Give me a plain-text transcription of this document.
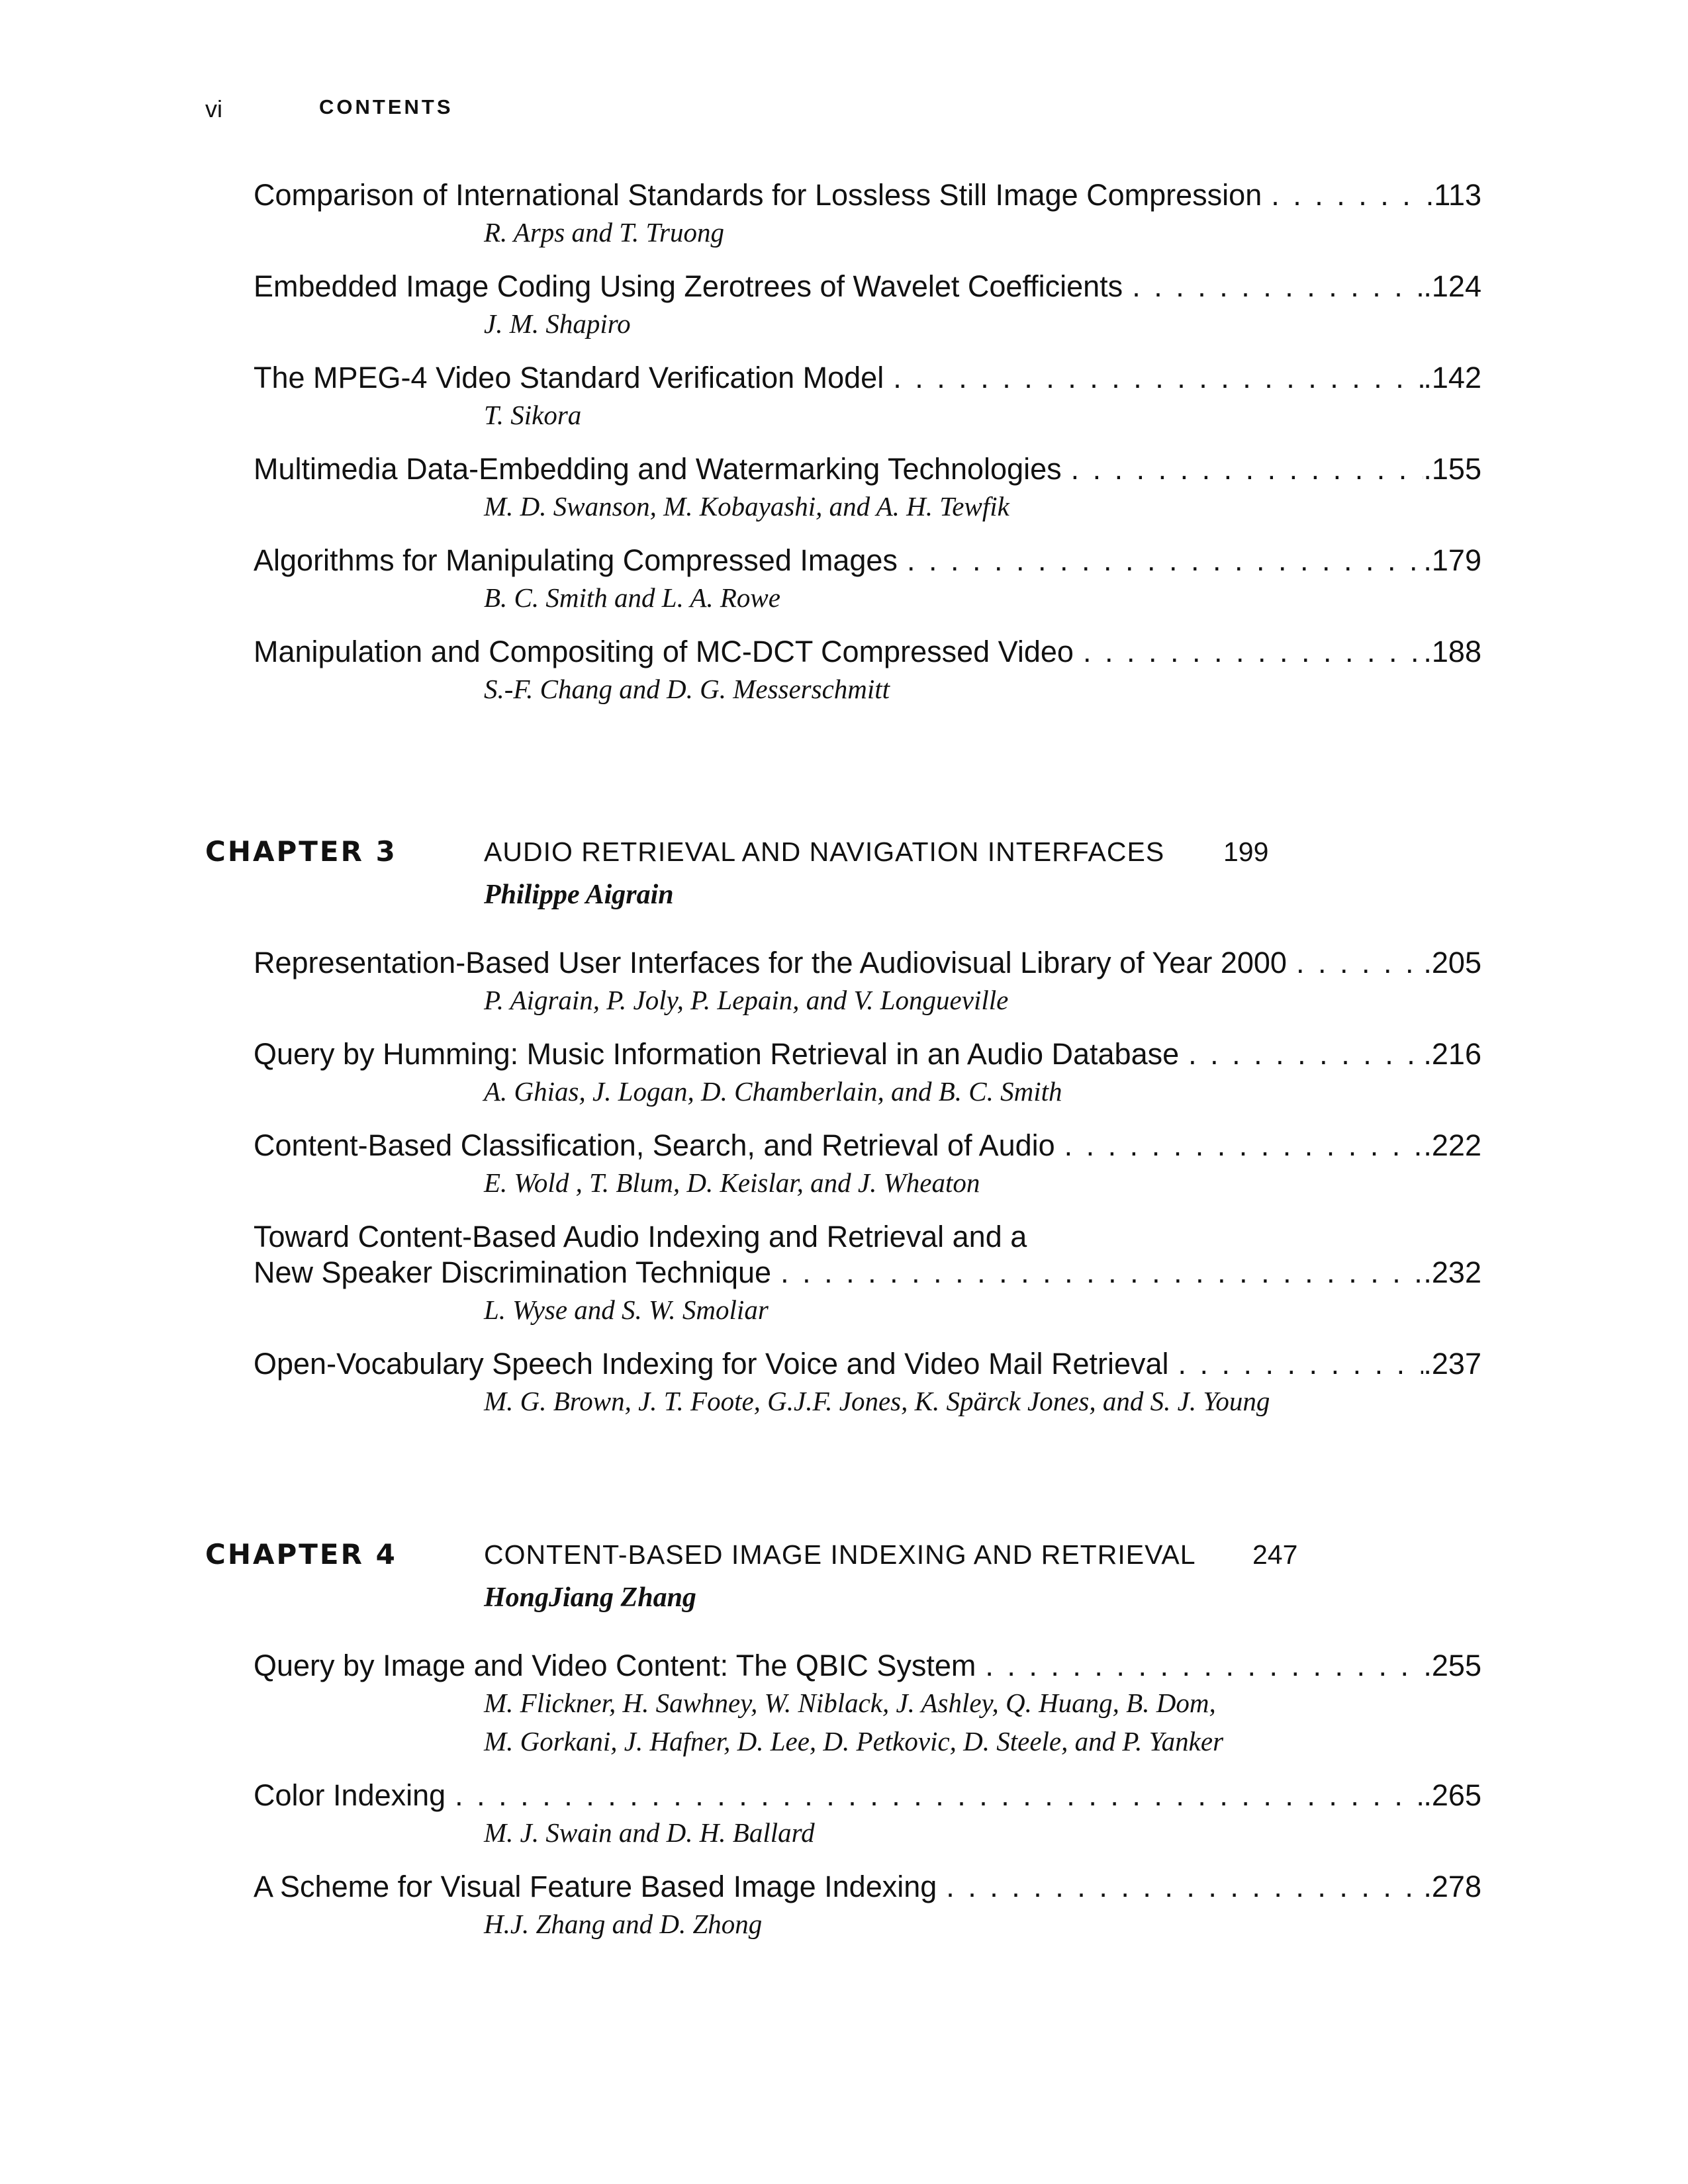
vi	CONTENTS
Comparison of International Standards for Lossless Still Image Compression . . .	.113
R. Arps and T. Truong
Embedded Image Coding Using Zerotrees of Wavelet Coefficients . . .	.124
J. M. Shapiro
The MPEG-4 Video Standard Verification Model . . .	.142
T. Sikora
Multimedia Data-Embedding and Watermarking Technologies . . .	.155
M. D. Swanson, M. Kobayashi, and A. H. Tewfik
Algorithms for Manipulating Compressed Images . . .	.179
B. C. Smith and L. A. Rowe
Manipulation and Compositing of MC-DCT Compressed Video . . .	.188
S.-F. Chang and D. G. Messerschmitt
CHAPTER 3	AUDIO RETRIEVAL AND NAVIGATION INTERFACES 199
Philippe Aigrain
Representation-Based User Interfaces for the Audiovisual Library of Year 2000 . . .	.205
P. Aigrain, P. Joly, P. Lepain, and V. Longueville
Query by Humming: Music Information Retrieval in an Audio Database . . .	.216
A. Ghias, J. Logan, D. Chamberlain, and B. C. Smith
Content-Based Classification, Search, and Retrieval of Audio . . .	.222
E. Wold , T. Blum, D. Keislar, and J. Wheaton
Toward Content-Based Audio Indexing and Retrieval and a
New Speaker Discrimination Technique . . .	.232
L. Wyse and S. W. Smoliar
Open-Vocabulary Speech Indexing for Voice and Video Mail Retrieval . . .	.237
M. G. Brown, J. T. Foote, G.J.F. Jones, K. Spärck Jones, and S. J. Young
CHAPTER 4	CONTENT-BASED IMAGE INDEXING AND RETRIEVAL 247
HongJiang Zhang
Query by Image and Video Content: The QBIC System . . .	.255
M. Flickner, H. Sawhney, W. Niblack, J. Ashley, Q. Huang, B. Dom,
M. Gorkani, J. Hafner, D. Lee, D. Petkovic, D. Steele, and P. Yanker
Color Indexing . . .	.265
M. J. Swain and D. H. Ballard
A Scheme for Visual Feature Based Image Indexing . . .	.278
H.J. Zhang and D. Zhong
